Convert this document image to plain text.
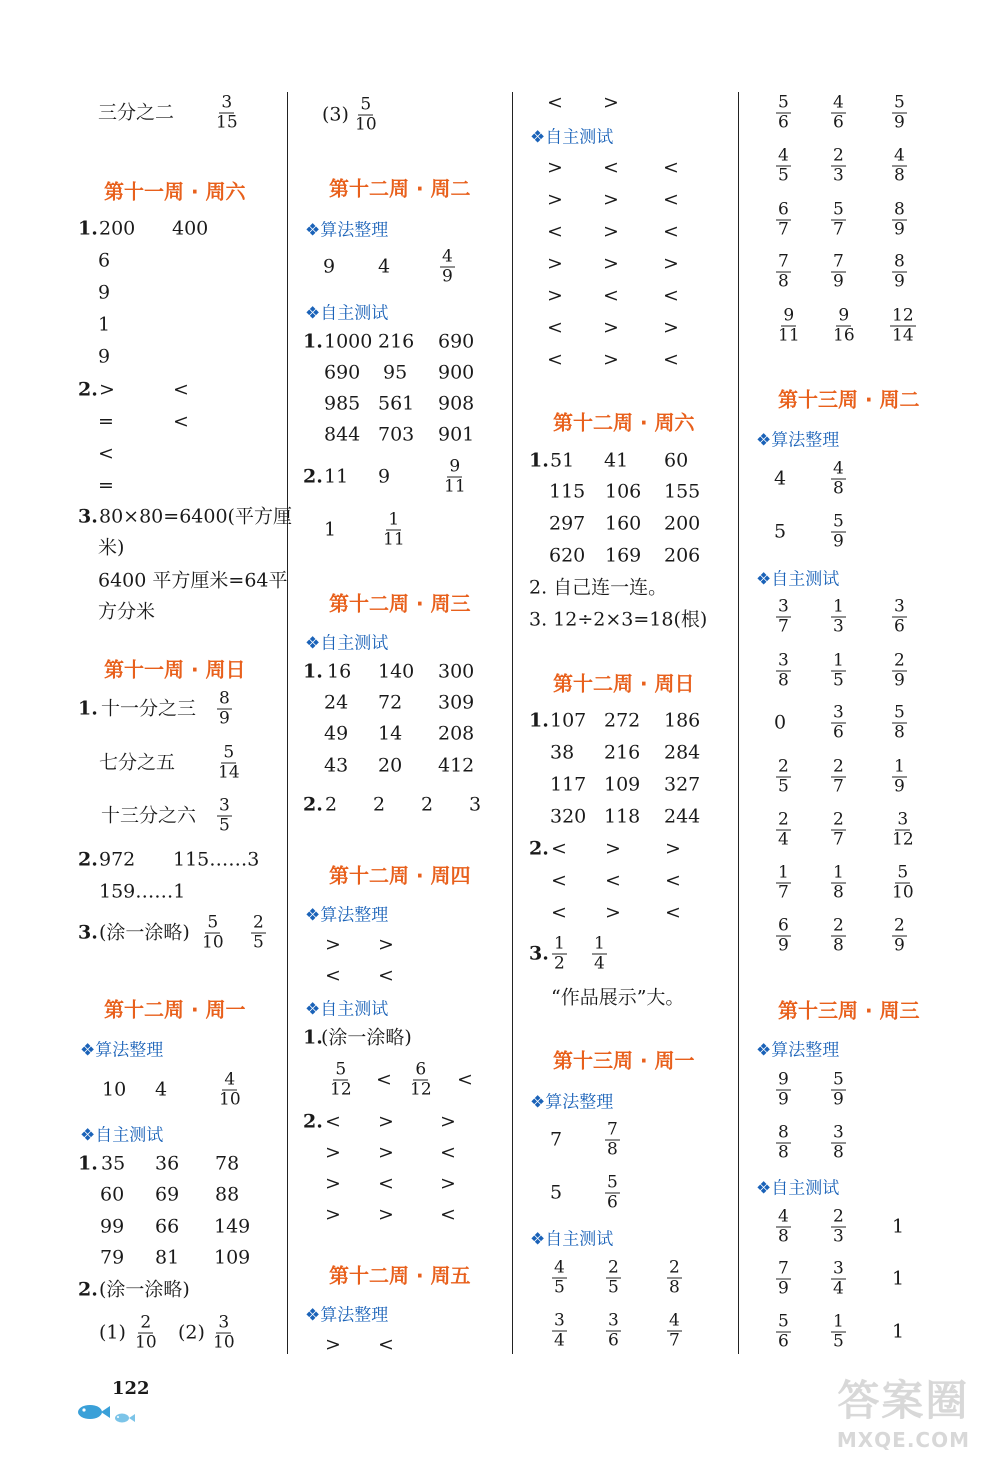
三分之二 $\frac{3}{15}$
第十一周 · 周六
1. 200 400
6
9
1
9
2. >	<
=	<
<
=
3. 80×80=6400(平方厘
米)
6400 平方厘米=64平
方分米
第十一周 · 周日
1. 十一分之三 $\frac{8}{9}$
七分之五 $\frac{5}{14}$
十三分之六 $\frac{3}{5}$
2. 972 115……3
159……1
3. (涂一涂略) $\frac{5}{10} \frac{2}{5}$
第十二周 · 周一
❖算法整理
10 4	$\frac{4}{10}$
❖自主测试
1. 35 36 78
60 69 88
99 66 149
79 81 109
2. (涂一涂略)
$(1) \frac{2}{10} (2) \frac{3}{10}$
$(3) \frac{5}{10}$
第十二周 · 周二
❖算法整理
9 4	$\frac{4}{9}$
❖自主测试
1. 1000 216 690
690 95 900
985 561 908
844 703 901
2. 11 9	$\frac{9}{11}$
1	$\frac{1}{11}$
第十二周 · 周三
❖自主测试
1. 16 140 300
24 72 309
49 14 208
43 20 412
2. 2 2 2 3
第十二周 · 周四
❖算法整理
> >
< <
❖自主测试
1.
(涂一涂略)
$\frac{5}{12} < \frac{6}{12}$ <
2. < > >
> > <
> < >
> > <
第十二周 · 周五
❖算法整理
> <
< >
❖自主测试
> < <
> > <
< > <
> > >
> < <
< > >
< > <
第十二周 · 周六
1. 51 41 60
115 106 155
297 160 200
620 169 206
2. 自己连一连。
3. 12÷2×3=18(根)
第十二周 · 周日
1. 107 272 186
38 216 284
117 109 327
320 118 244
2. < > >
< < <
< > <
3. $\frac{1}{2} \frac{1}{4}$
“作品展示”大。
第十三周 · 周一
❖算法整理
7	$\frac{7}{8}$
5	$\frac{5}{6}$
❖自主测试
$\frac{4}{5} \frac{2}{5}$	$\frac{2}{8}$
$\frac{3}{4} \frac{3}{6}$	$\frac{4}{7}$
$\frac{5}{6} \frac{4}{6}$	$\frac{5}{9}$
$\frac{4}{5} \frac{2}{3}$	$\frac{4}{8}$
$\frac{6}{7} \frac{5}{7}$	$\frac{8}{9}$
$\frac{7}{8} \frac{7}{9}$	$\frac{8}{9}$
$\frac{9}{11} \frac{9}{16} \frac{12}{14}$
第十三周 · 周二
❖算法整理
4	$\frac{4}{8}$
5	$\frac{5}{9}$
❖自主测试
$\frac{3}{7} \frac{1}{3}$	$\frac{3}{6}$
$\frac{3}{8} \frac{1}{5}$	$\frac{2}{9}$
0	$\frac{3}{6}$	$\frac{5}{8}$
$\frac{2}{5} \frac{2}{7}$	$\frac{1}{9}$
$\frac{2}{4} \frac{2}{7}$	$\frac{3}{12}$
$\frac{1}{7} \frac{1}{8}$	$\frac{5}{10}$
$\frac{6}{9} \frac{2}{8}$	$\frac{2}{9}$
第十三周 · 周三
❖算法整理
$\frac{9}{9} \frac{5}{9}$
$\frac{8}{8} \frac{3}{8}$
❖自主测试
$\frac{4}{8} \frac{2}{3} 1$
$\frac{7}{9} \frac{3}{4} 1$
$\frac{5}{6} \frac{1}{5} 1$
122	答案圈
MXQE.COM
